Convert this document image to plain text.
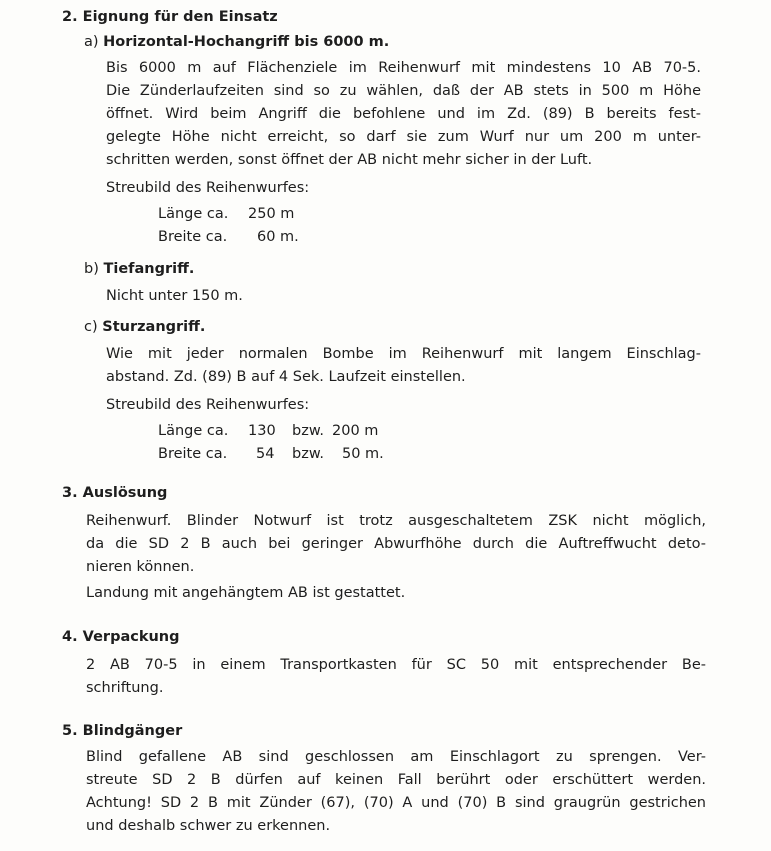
2. Eignung für den Einsatz
a) Horizontal-Hochangriff bis 6000 m.

Bis 6000 m auf Flächenziele im Reihenwurf mit mindestens 10 AB 70-5.

Die Zünderlaufzeiten sind so zu wählen, daß der AB stets in 500 m Höhe

öffnet. Wird beim Angriff die befohlene und im Zd. (89) B bereits fest-

gelegte Höhe nicht erreicht, so darf sie zum Wurf nur um 200 m unter-

schritten werden, sonst öffnet der AB nicht mehr sicher in der Luft.

Streubild des Reihenwurfes:
Länge ca. 250 m
Breite ca. 60 m.
b) Tiefangriff.

Nicht unter 150 m.

c) Sturzangriff.

Wie mit jeder normalen Bombe im Reihenwurf mit langem Einschlag-

abstand. Zd. (89) B auf 4 Sek. Laufzeit einstellen.

Streubild des Reihenwurfes:
Länge ca. 130 bzw. 200 m
Breite ca. 54 bzw. 50 m.
3. Auslösung

Reihenwurf. Blinder Notwurf ist trotz ausgeschaltetem ZSK nicht möglich,

da die SD 2 B auch bei geringer Abwurfhöhe durch die Auftreffwucht deto-

nieren können.

Landung mit angehängtem AB ist gestattet.

4. Verpackung

2 AB 70-5 in einem Transportkasten für SC 50 mit entsprechender Be-

schriftung.

5. Blindgänger

Blind gefallene AB sind geschlossen am Einschlagort zu sprengen. Ver-

streute SD 2 B dürfen auf keinen Fall berührt oder erschüttert werden.

Achtung! SD 2 B mit Zünder (67), (70) A und (70) B sind graugrün gestrichen

und deshalb schwer zu erkennen.
